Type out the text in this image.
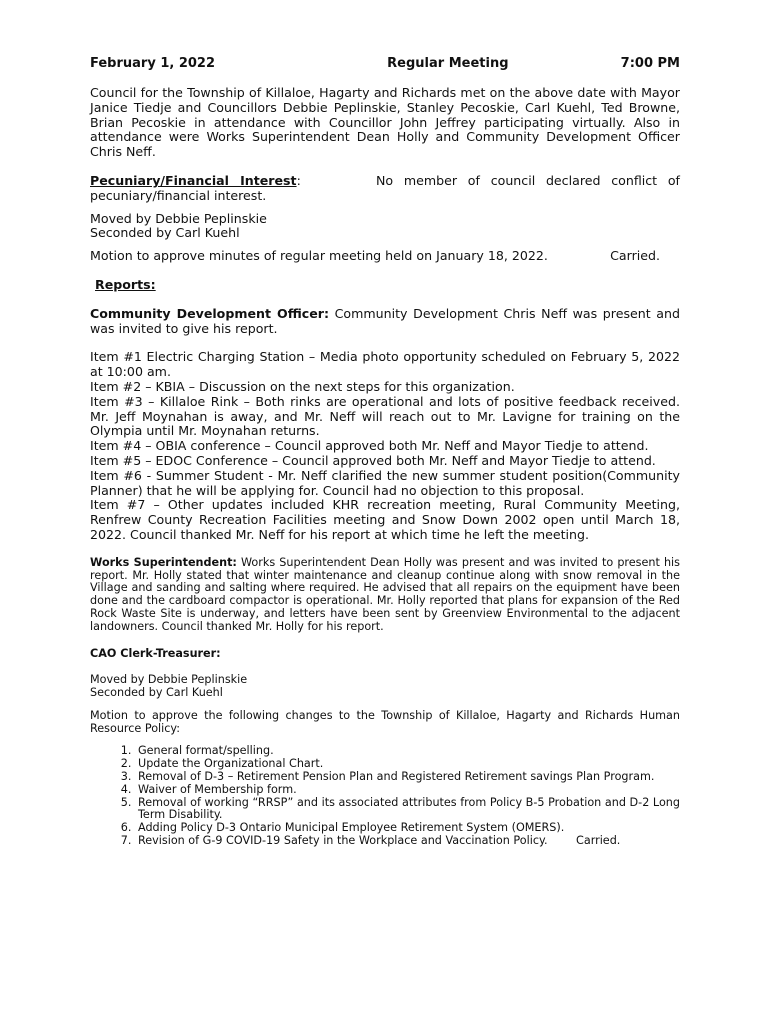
February 1, 2022	Regular Meeting	7:00 PM

Council for the Township of Killaloe, Hagarty and Richards met on the above date with Mayor Janice Tiedje and Councillors Debbie Peplinskie, Stanley Pecoskie, Carl Kuehl, Ted Browne, Brian Pecoskie in attendance with Councillor John Jeffrey participating virtually. Also in attendance were Works Superintendent Dean Holly and Community Development Officer Chris Neff.

Pecuniary/Financial Interest:	No member of council declared conflict of pecuniary/financial interest.

Moved by Debbie Peplinskie

Seconded by Carl Kuehl

Motion to approve minutes of regular meeting held on January 18, 2022.	Carried.

Reports:

Community Development Officer: Community Development Chris Neff was present and was invited to give his report.

Item #1 Electric Charging Station – Media photo opportunity scheduled on February 5, 2022 at 10:00 am.

Item #2 – KBIA – Discussion on the next steps for this organization.

Item #3 – Killaloe Rink – Both rinks are operational and lots of positive feedback received. Mr. Jeff Moynahan is away, and Mr. Neff will reach out to Mr. Lavigne for training on the Olympia until Mr. Moynahan returns.

Item #4 – OBIA conference – Council approved both Mr. Neff and Mayor Tiedje to attend.

Item #5 – EDOC Conference – Council approved both Mr. Neff and Mayor Tiedje to attend.

Item #6 - Summer Student - Mr. Neff clarified the new summer student position(Community Planner) that he will be applying for. Council had no objection to this proposal.

Item #7 – Other updates included KHR recreation meeting, Rural Community Meeting, Renfrew County Recreation Facilities meeting and Snow Down 2002 open until March 18, 2022. Council thanked Mr. Neff for his report at which time he left the meeting.

Works Superintendent: Works Superintendent Dean Holly was present and was invited to present his report. Mr. Holly stated that winter maintenance and cleanup continue along with snow removal in the Village and sanding and salting where required. He advised that all repairs on the equipment have been done and the cardboard compactor is operational. Mr. Holly reported that plans for expansion of the Red Rock Waste Site is underway, and letters have been sent by Greenview Environmental to the adjacent landowners. Council thanked Mr. Holly for his report.

CAO Clerk-Treasurer:

Moved by Debbie Peplinskie

Seconded by Carl Kuehl

Motion to approve the following changes to the Township of Killaloe, Hagarty and Richards Human Resource Policy:

1. General format/spelling.
2. Update the Organizational Chart.
3. Removal of D-3 – Retirement Pension Plan and Registered Retirement savings Plan Program.
4. Waiver of Membership form.
5. Removal of working “RRSP” and its associated attributes from Policy B-5 Probation and D-2 Long Term Disability.
6. Adding Policy D-3 Ontario Municipal Employee Retirement System (OMERS).
7. Revision of G-9 COVID-19 Safety in the Workplace and Vaccination Policy.	Carried.
